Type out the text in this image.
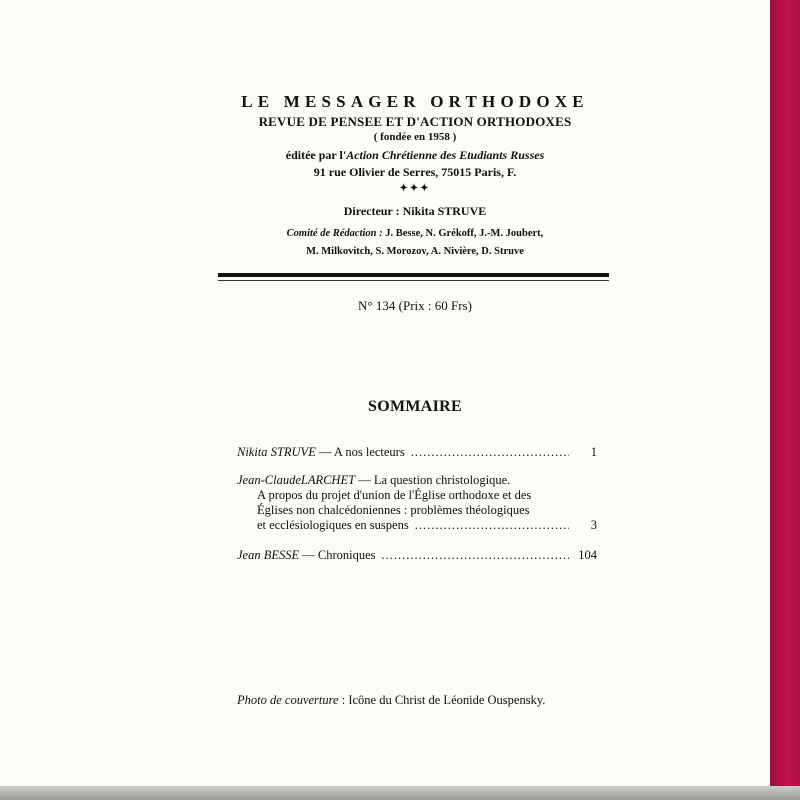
LE MESSAGER ORTHODOXE
REVUE DE PENSEE ET D'ACTION ORTHODOXES
( fondée en 1958 )
éditée par l'Action Chrétienne des Etudiants Russes
91 rue Olivier de Serres, 75015 Paris, F.
✦✦✦
Directeur : Nikita STRUVE
Comité de Rédaction : J. Besse, N. Grékoff, J.-M. Joubert,
M. Milkovitch, S. Morozov, A. Nivière, D. Struve
N° 134 (Prix : 60 Frs)
SOMMAIRE
Nikita STRUVE
— A nos lecteurs .....	1
Jean-ClaudeLARCHET
— La question christologique.
A propos du projet d'union de l'Église orthodoxe et des
Églises non chalcédoniennes : problèmes théologiques
et ecclésiologiques en suspens .....	3
Jean BESSE
— Chroniques .....	104
Photo de couverture : Icône du Christ de Léonide Ouspensky.
